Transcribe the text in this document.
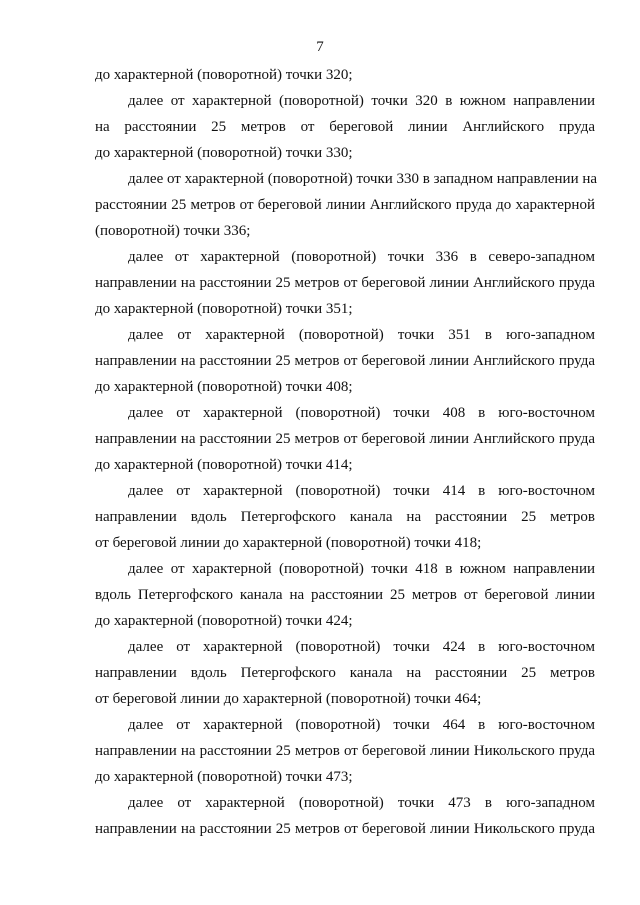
7
до характерной (поворотной) точки 320;
далее от характерной (поворотной) точки 320 в южном направлении
на расстоянии 25 метров от береговой линии Английского пруда
до характерной (поворотной) точки 330;
далее от характерной (поворотной) точки 330 в западном направлении на
расстоянии 25 метров от береговой линии Английского пруда до характерной
(поворотной) точки 336;
далее от характерной (поворотной) точки 336 в северо-западном
направлении на расстоянии 25 метров от береговой линии Английского пруда
до характерной (поворотной) точки 351;
далее от характерной (поворотной) точки 351 в юго-западном
направлении на расстоянии 25 метров от береговой линии Английского пруда
до характерной (поворотной) точки 408;
далее от характерной (поворотной) точки 408 в юго-восточном
направлении на расстоянии 25 метров от береговой линии Английского пруда
до характерной (поворотной) точки 414;
далее от характерной (поворотной) точки 414 в юго-восточном
направлении вдоль Петергофского канала на расстоянии 25 метров
от береговой линии до характерной (поворотной) точки 418;
далее от характерной (поворотной) точки 418 в южном направлении
вдоль Петергофского канала на расстоянии 25 метров от береговой линии
до характерной (поворотной) точки 424;
далее от характерной (поворотной) точки 424 в юго-восточном
направлении вдоль Петергофского канала на расстоянии 25 метров
от береговой линии до характерной (поворотной) точки 464;
далее от характерной (поворотной) точки 464 в юго-восточном
направлении на расстоянии 25 метров от береговой линии Никольского пруда
до характерной (поворотной) точки 473;
далее от характерной (поворотной) точки 473 в юго-западном
направлении на расстоянии 25 метров от береговой линии Никольского пруда
